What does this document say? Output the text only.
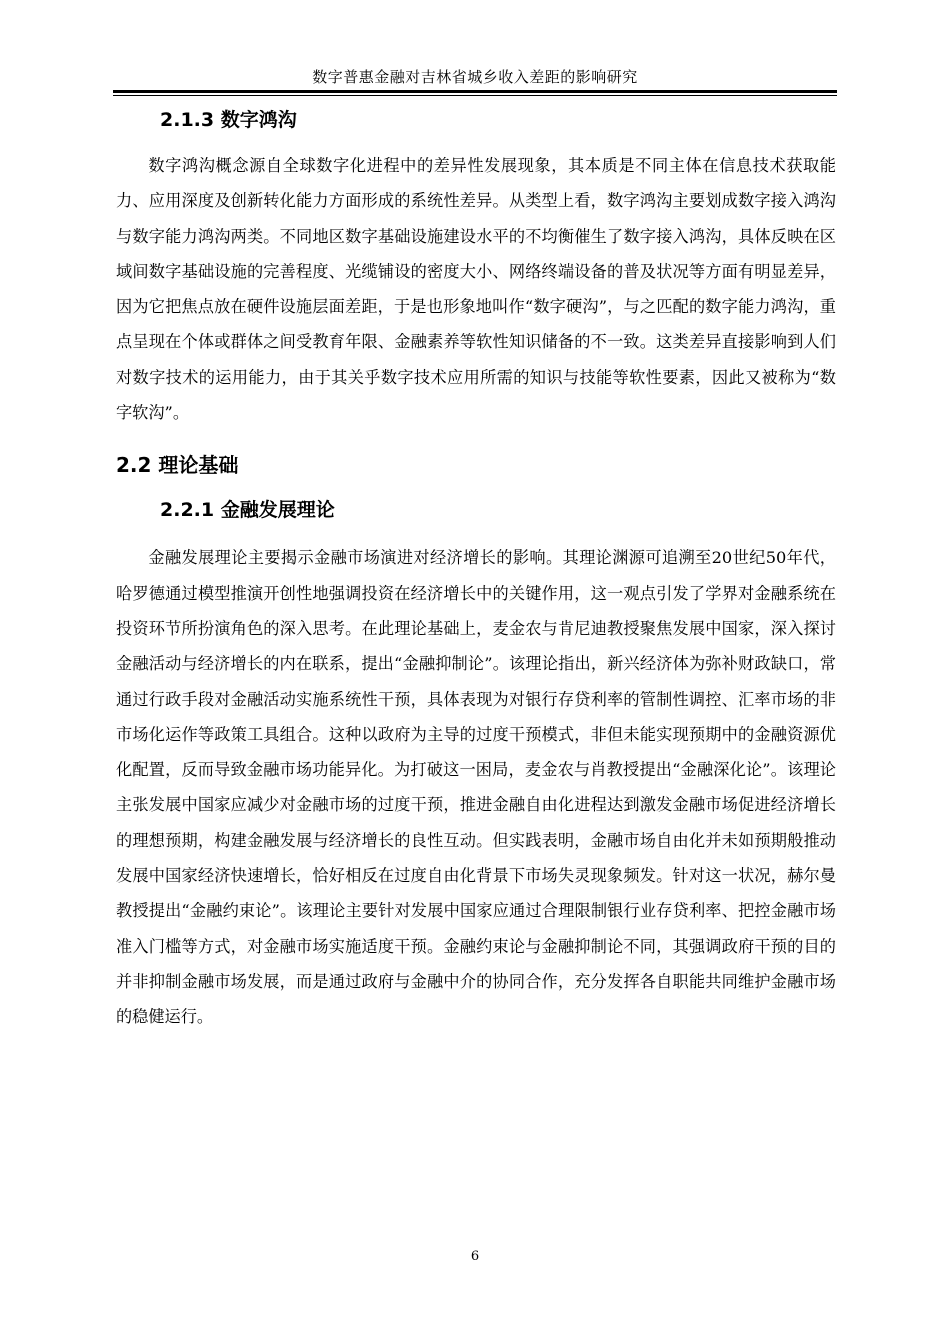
数字普惠金融对吉林省城乡收入差距的影响研究
2.1.3 数字鸿沟

数字鸿沟概念源自全球数字化进程中的差异性发展现象，其本质是不同主体在信息技术获取能力、应用深度及创新转化能力方面形成的系统性差异。从类型上看，数字鸿沟主要划成数字接入鸿沟与数字能力鸿沟两类。不同地区数字基础设施建设水平的不均衡催生了数字接入鸿沟，具体反映在区域间数字基础设施的完善程度、光缆铺设的密度大小、网络终端设备的普及状况等方面有明显差异，因为它把焦点放在硬件设施层面差距，于是也形象地叫作“数字硬沟”，与之匹配的数字能力鸿沟，重点呈现在个体或群体之间受教育年限、金融素养等软性知识储备的不一致。这类差异直接影响到人们对数字技术的运用能力，由于其关乎数字技术应用所需的知识与技能等软性要素，因此又被称为“数字软沟”。

2.2 理论基础
2.2.1 金融发展理论

金融发展理论主要揭示金融市场演进对经济增长的影响。其理论渊源可追溯至20世纪50年代，哈罗德通过模型推演开创性地强调投资在经济增长中的关键作用，这一观点引发了学界对金融系统在投资环节所扮演角色的深入思考。在此理论基础上，麦金农与肯尼迪教授聚焦发展中国家，深入探讨金融活动与经济增长的内在联系，提出“金融抑制论”。该理论指出，新兴经济体为弥补财政缺口，常通过行政手段对金融活动实施系统性干预，具体表现为对银行存贷利率的管制性调控、汇率市场的非市场化运作等政策工具组合。这种以政府为主导的过度干预模式，非但未能实现预期中的金融资源优化配置，反而导致金融市场功能异化。为打破这一困局，麦金农与肖教授提出“金融深化论”。该理论主张发展中国家应减少对金融市场的过度干预，推进金融自由化进程达到激发金融市场促进经济增长的理想预期，构建金融发展与经济增长的良性互动。但实践表明，金融市场自由化并未如预期般推动发展中国家经济快速增长，恰好相反在过度自由化背景下市场失灵现象频发。针对这一状况，赫尔曼教授提出“金融约束论”。该理论主要针对发展中国家应通过合理限制银行业存贷利率、把控金融市场准入门槛等方式，对金融市场实施适度干预。金融约束论与金融抑制论不同，其强调政府干预的目的并非抑制金融市场发展，而是通过政府与金融中介的协同合作，充分发挥各自职能共同维护金融市场的稳健运行。

6
